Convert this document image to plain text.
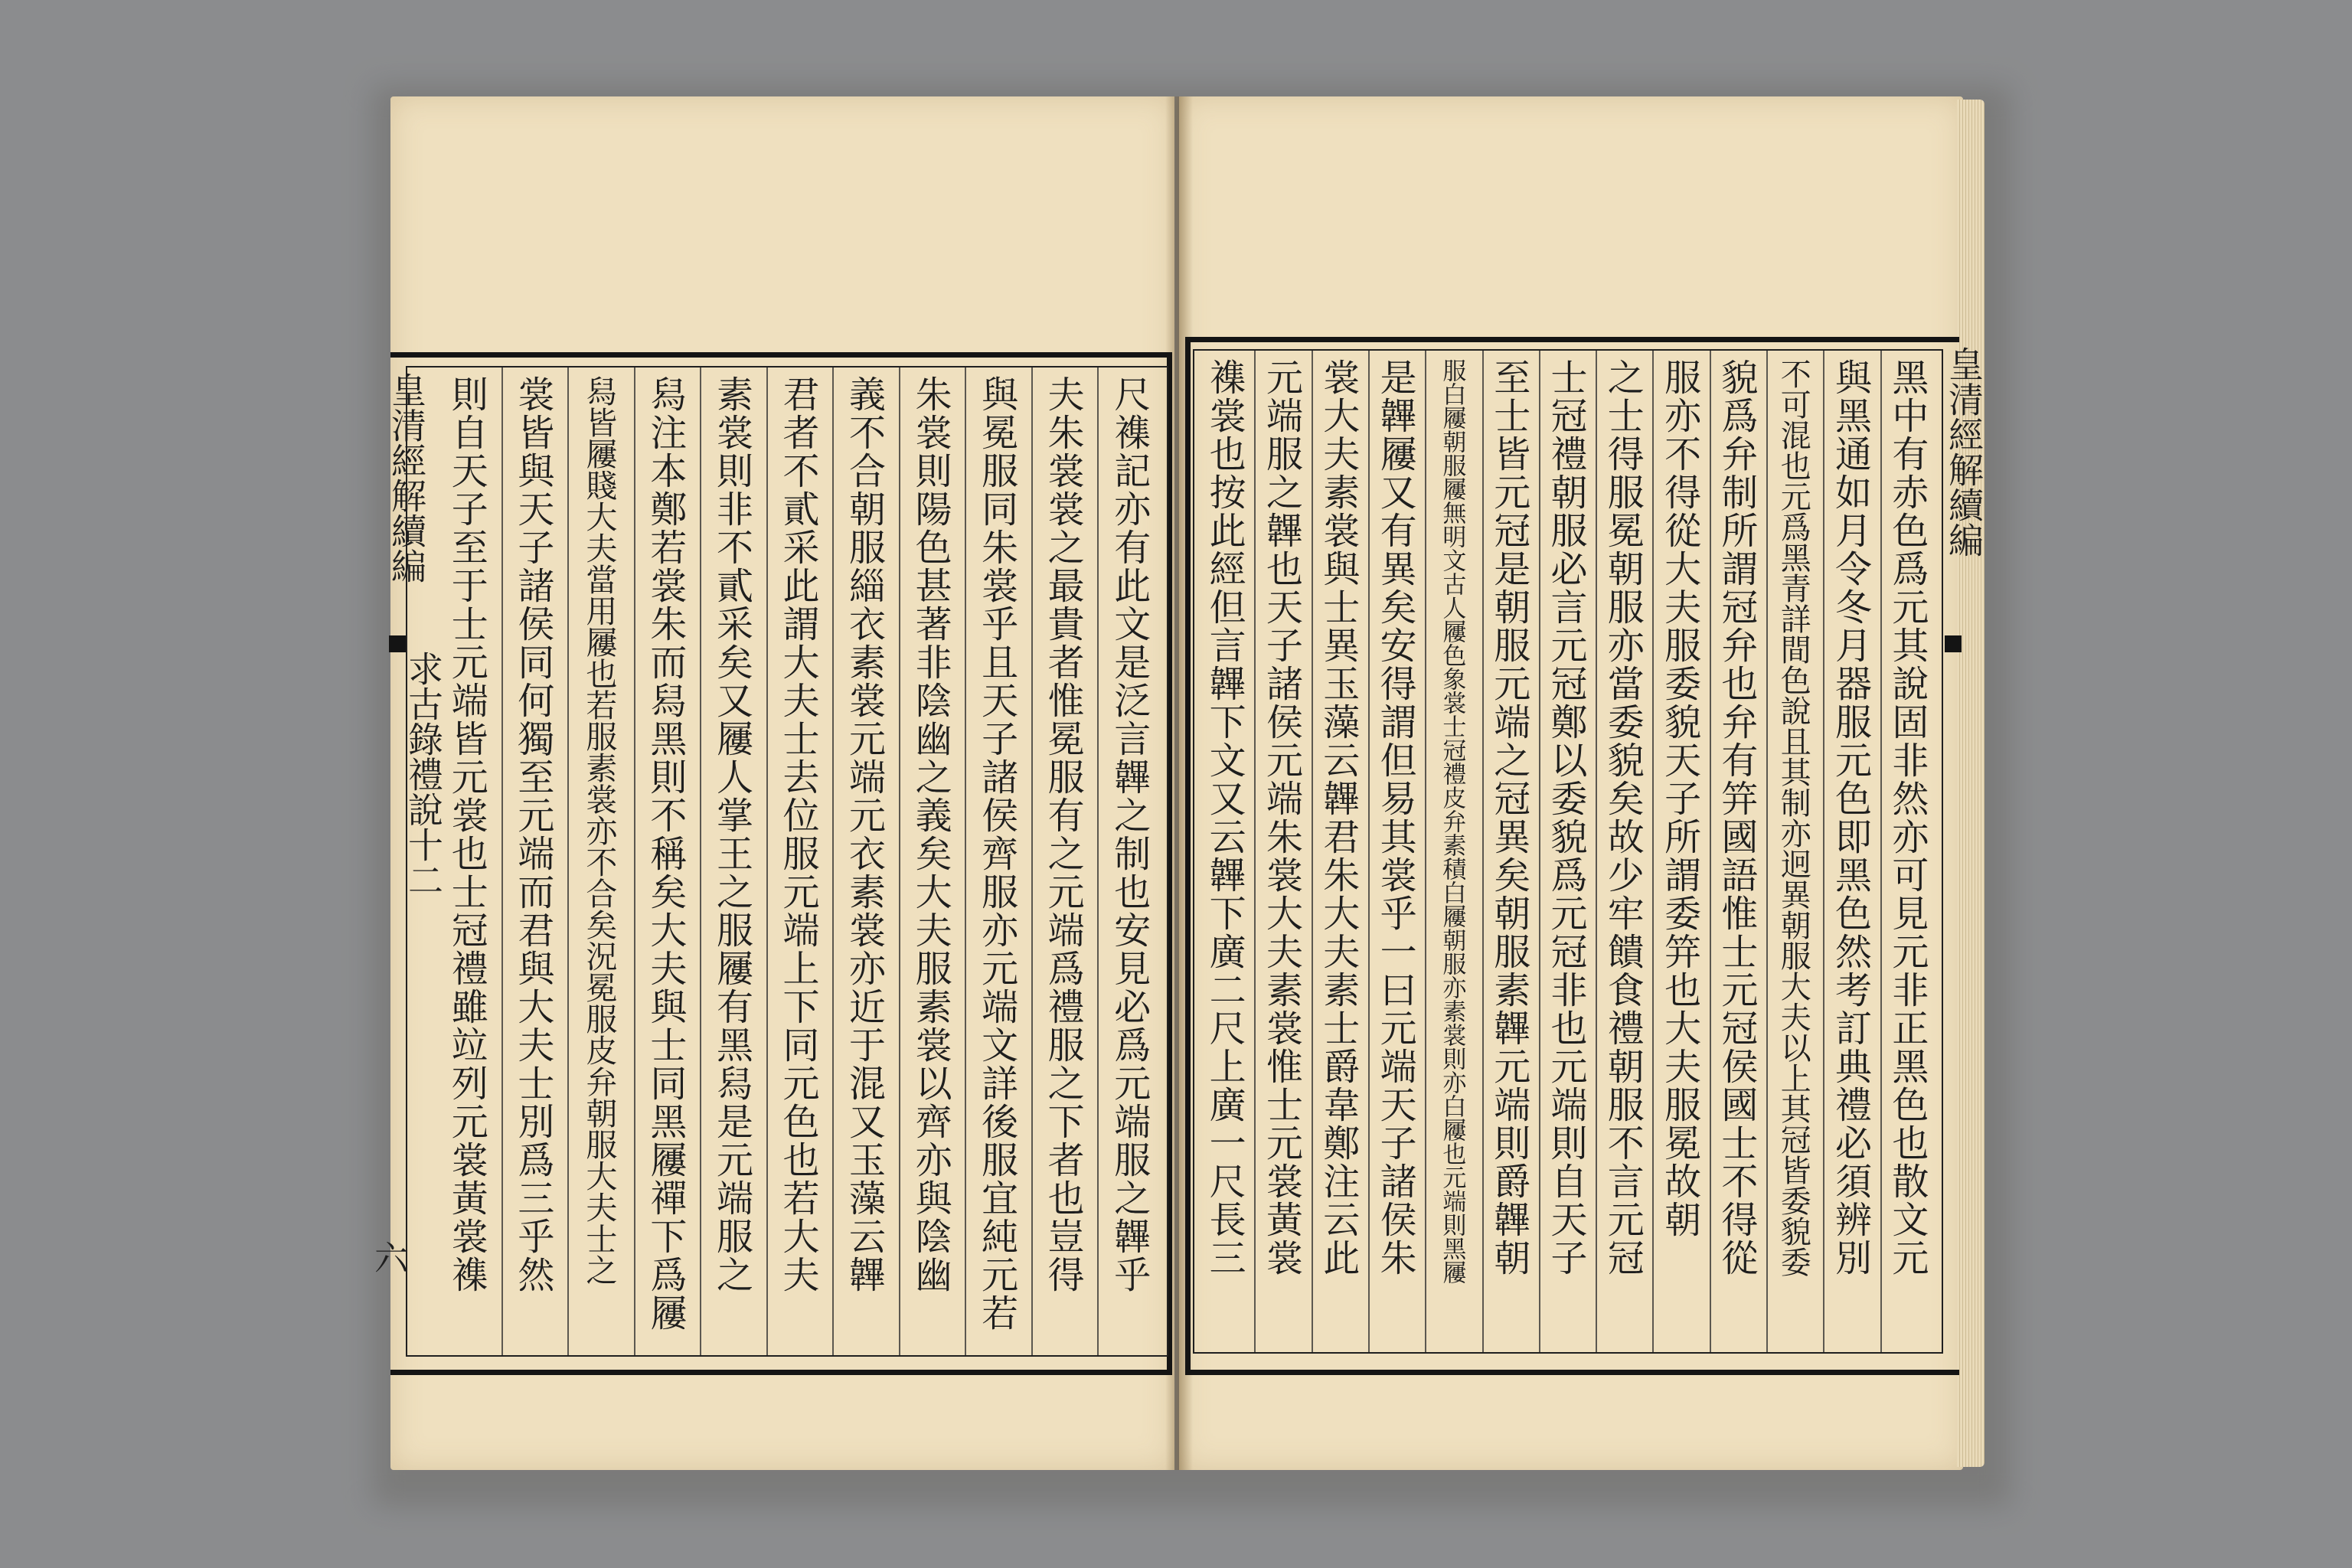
皇清經解續編
求古錄禮說十二
六
皇清經解續編
尺襍記亦有此文是泛言韠之制也安見必爲元端服之韠乎
夫朱裳裳之最貴者惟冕服有之元端爲禮服之下者也豈得
與冕服同朱裳乎且天子諸侯齊服亦元端文詳後服宜純元若
朱裳則陽色甚著非陰幽之義矣大夫服素裳以齊亦與陰幽
義不合朝服緇衣素裳元端元衣素裳亦近于混又玉藻云韠
君者不貳采此謂大夫士去位服元端上下同元色也若大夫
素裳則非不貳采矣又屨人掌王之服屨有黑舄是元端服之
舄注本鄭若裳朱而舄黑則不稱矣大夫與士同黑屨禪下爲屨
舄皆屨賤大夫當用屨也若服素裳亦不合矣況冕服皮弁朝服大夫士之
裳皆與天子諸侯同何獨至元端而君與大夫士別爲三乎然
則自天子至于士元端皆元裳也士冠禮雖竝列元裳黃裳襍	黑中有赤色爲元其說固非然亦可見元非正黑色也散文元
與黑通如月令冬月器服元色即黑色然考訂典禮必須辨別
不可混也元爲黑青詳間色說且其制亦迥異朝服大夫以上其冠皆委貌委
貌爲弁制所謂冠弁也弁有笄國語惟士元冠侯國士不得從
服亦不得從大夫服委貌天子所謂委笄也大夫服冕故朝
之士得服冕朝服亦當委貌矣故少牢饋食禮朝服不言元冠
士冠禮朝服必言元冠鄭以委貌爲元冠非也元端則自天子
至士皆元冠是朝服元端之冠異矣朝服素韠元端則爵韠朝
服白屨朝服屨無明文古人屨色象裳士冠禮皮弁素積白屨朝服亦素裳則亦白屨也元端則黑屨
是韠屨又有異矣安得謂但易其裳乎一曰元端天子諸侯朱
裳大夫素裳與士異玉藻云韠君朱大夫素士爵韋鄭注云此
元端服之韠也天子諸侯元端朱裳大夫素裳惟士元裳黃裳
襍裳也按此經但言韠下文又云韠下廣二尺上廣一尺長三
